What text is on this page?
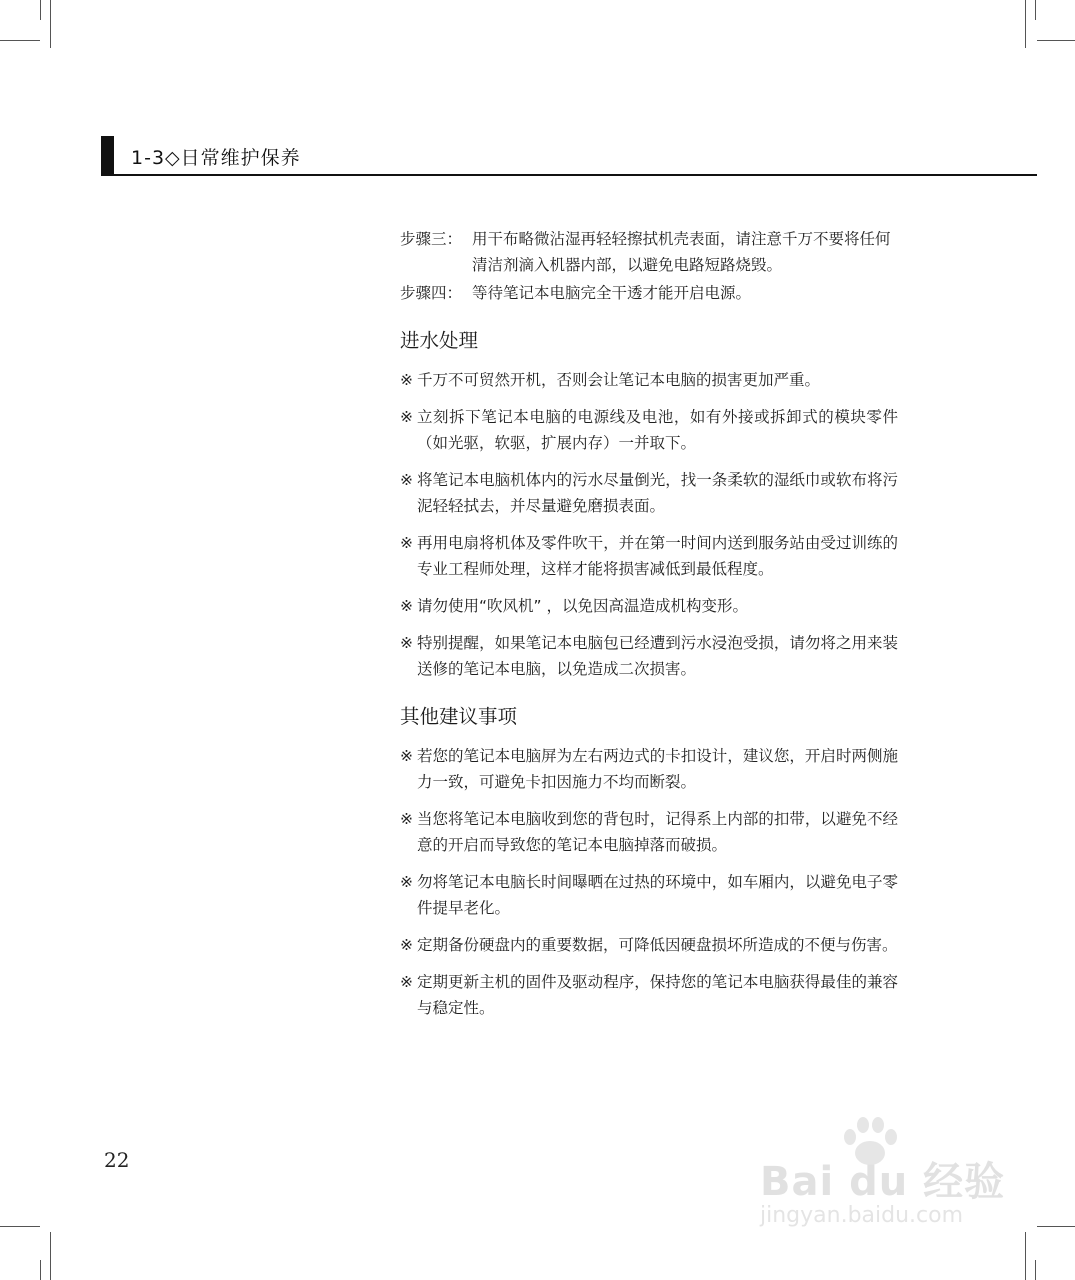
1-3◇日常维护保养
步骤三： 用干布略微沾湿再轻轻擦拭机壳表面，请注意千万不要将任何清洁剂滴入机器内部，以避免电路短路烧毁。
步骤四： 等待笔记本电脑完全干透才能开启电源。
进水处理
※ 千万不可贸然开机，否则会让笔记本电脑的损害更加严重。
※ 立刻拆下笔记本电脑的电源线及电池，如有外接或拆卸式的模块零件（如光驱，软驱，扩展内存）一并取下。
※ 将笔记本电脑机体内的污水尽量倒光，找一条柔软的湿纸巾或软布将污泥轻轻拭去，并尽量避免磨损表面。
※ 再用电扇将机体及零件吹干，并在第一时间内送到服务站由受过训练的专业工程师处理，这样才能将损害减低到最低程度。
※ 请勿使用“吹风机” ，以免因高温造成机构变形。
※ 特别提醒，如果笔记本电脑包已经遭到污水浸泡受损，请勿将之用来装送修的笔记本电脑，以免造成二次损害。
其他建议事项
※ 若您的笔记本电脑屏为左右两边式的卡扣设计，建议您，开启时两侧施力一致，可避免卡扣因施力不均而断裂。
※ 当您将笔记本电脑收到您的背包时，记得系上内部的扣带，以避免不经意的开启而导致您的笔记本电脑掉落而破损。
※ 勿将笔记本电脑长时间曝晒在过热的环境中，如车厢内，以避免电子零件提早老化。
※ 定期备份硬盘内的重要数据，可降低因硬盘损坏所造成的不便与伤害。
※ 定期更新主机的固件及驱动程序，保持您的笔记本电脑获得最佳的兼容与稳定性。
22	Bai du 经验
jingyan.baidu.com
